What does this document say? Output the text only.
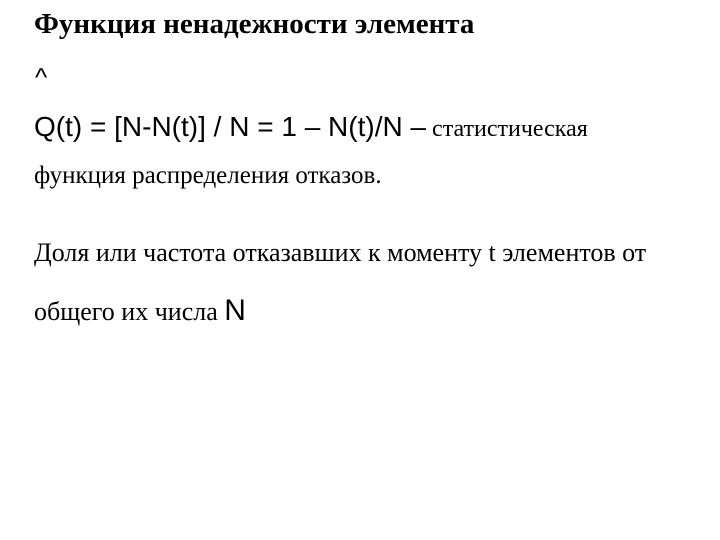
Функция ненадежности элемента
^
Q(t) = [N-N(t)] / N = 1 – N(t)/N – статистическая
функция распределения отказов.
Доля или частота отказавших к моменту t элементов от
общего их числа N
